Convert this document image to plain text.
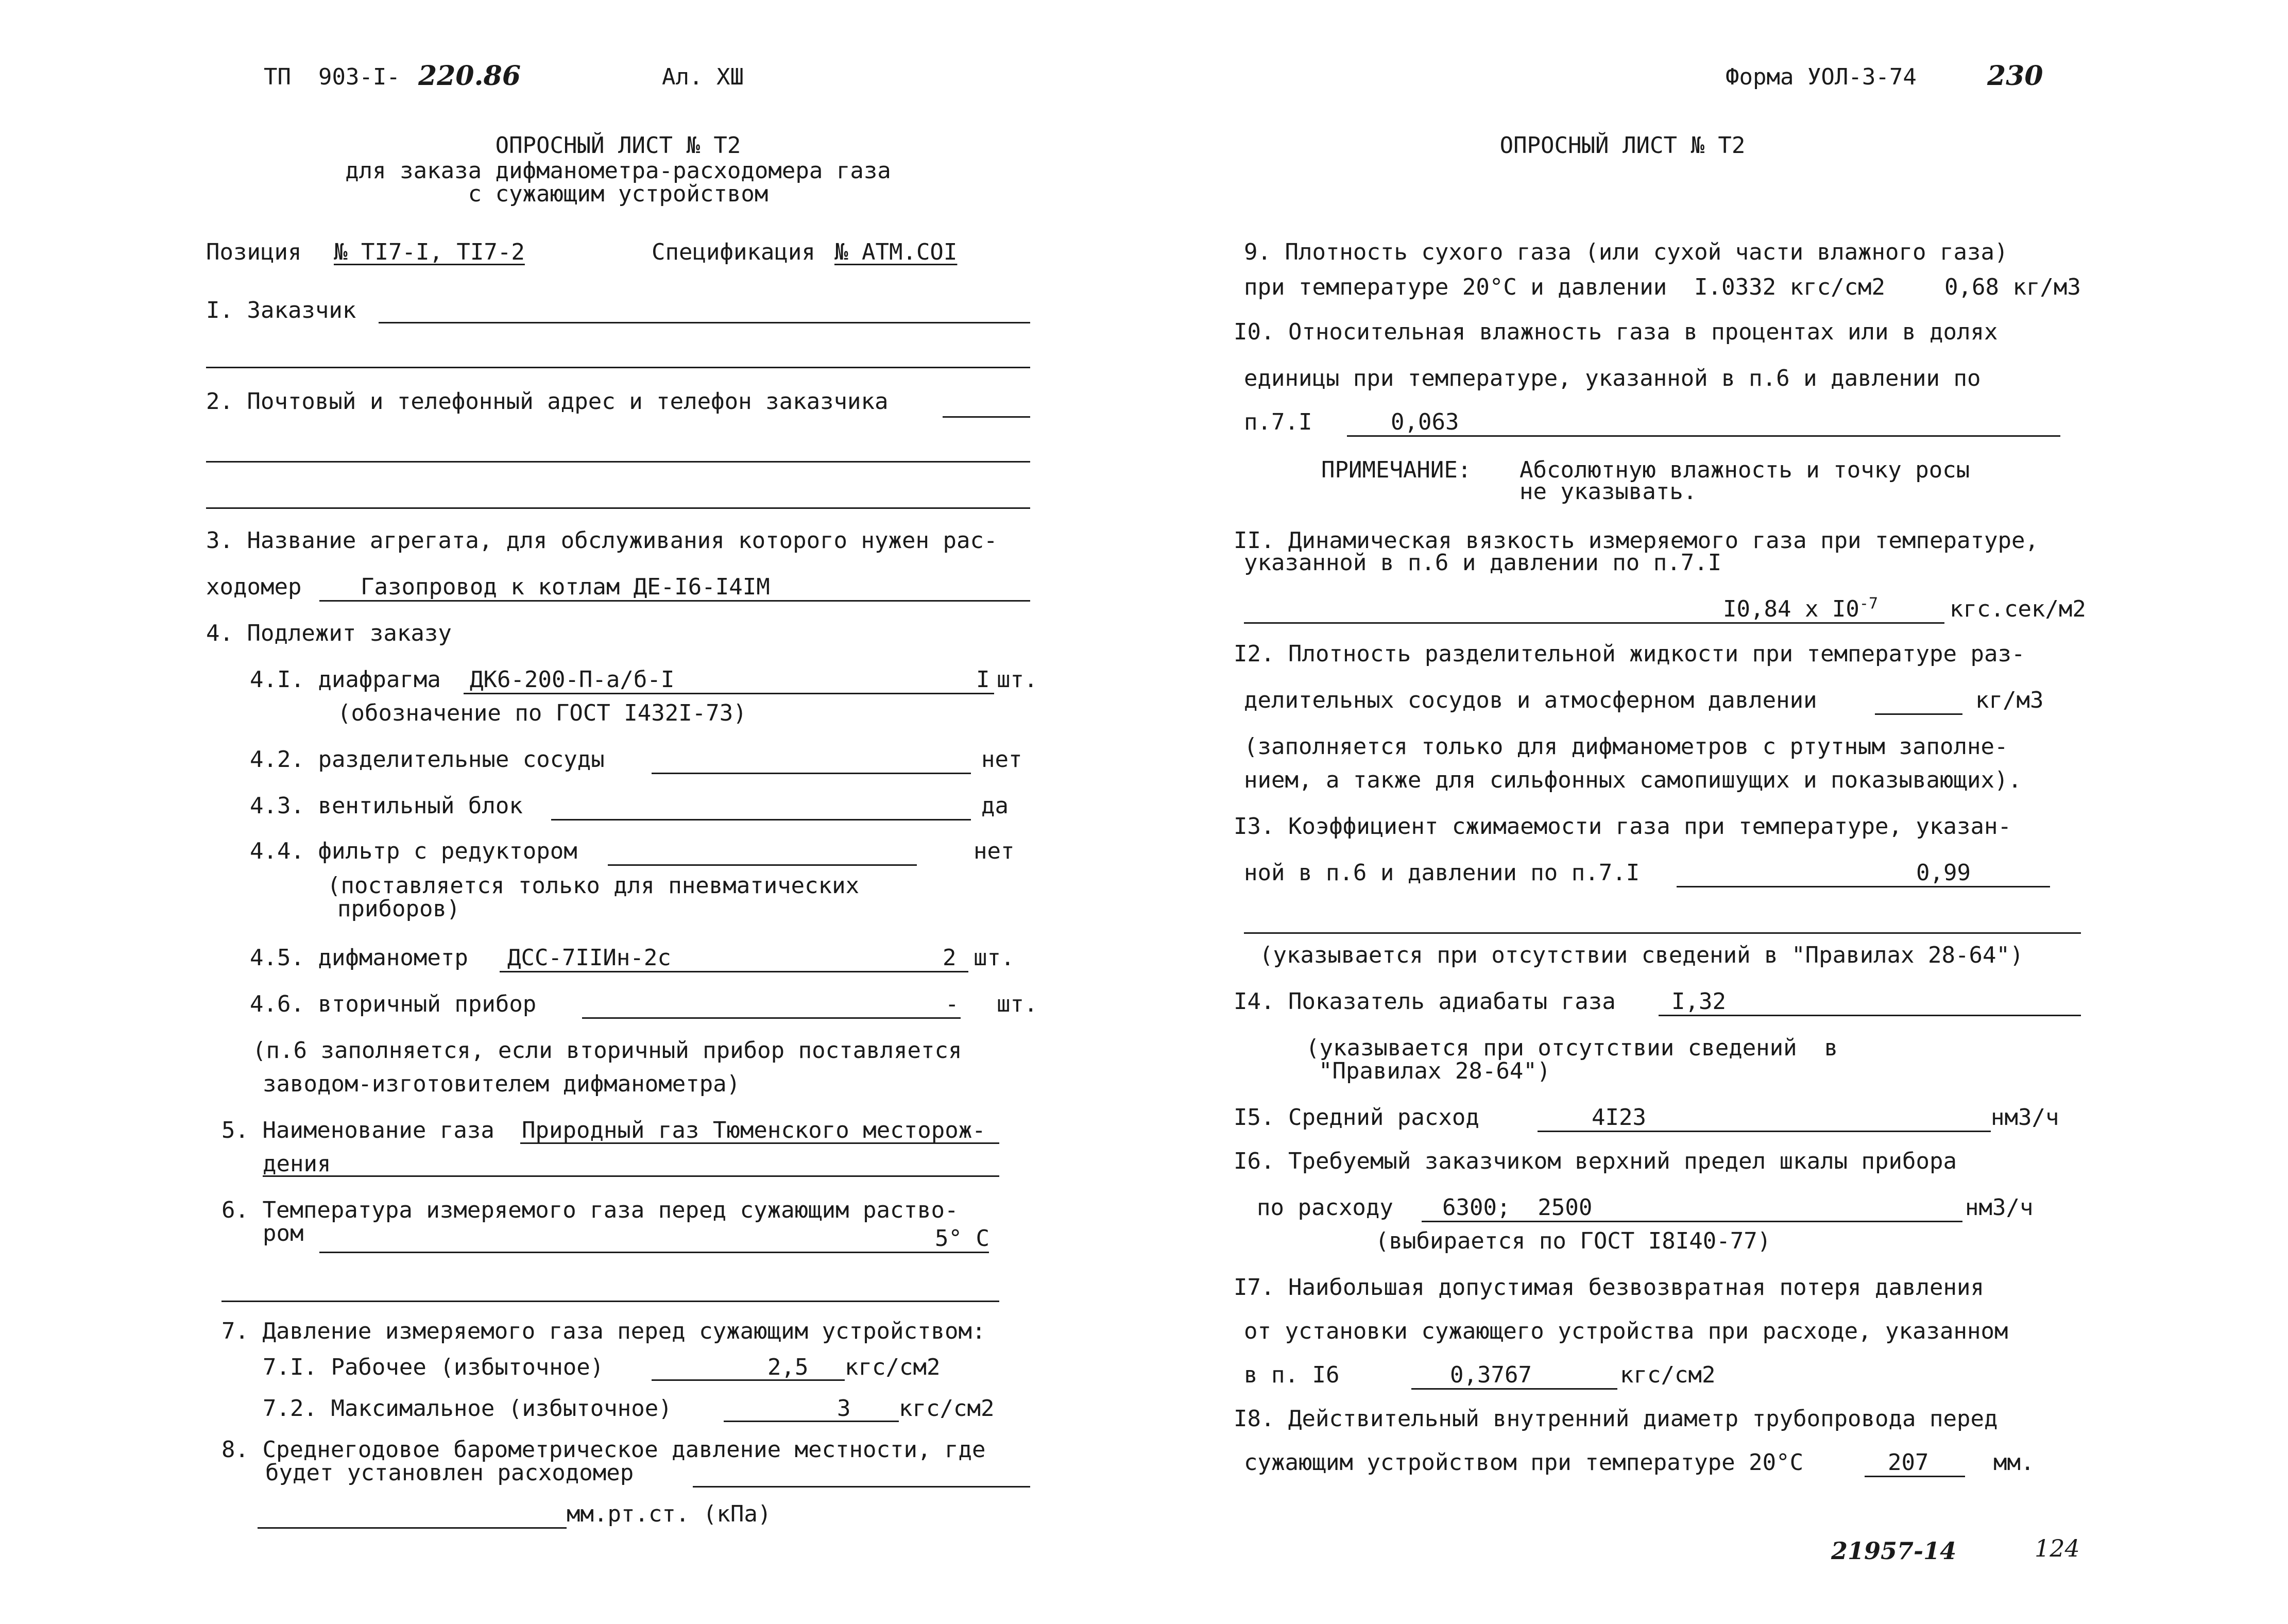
ТП  903-I- 220.86	Ал. ХШ	Форма УОЛ-3-74	230
ОПРОСНЫЙ ЛИСТ № Т2
для заказа дифманометра-расходомера газа
с сужающим устройством
Позиция № ТI7-I, ТI7-2	Спецификация № АТМ.СОI
I. Заказчик
2. Почтовый и телефонный адрес и телефон заказчика
3. Название агрегата, для обслуживания которого нужен рас-
ходомер	Газопровод к котлам ДЕ-I6-I4IМ
4. Подлежит заказу
4.I. диафрагма ДК6-200-П-а/б-I	I шт.
(обозначение по ГОСТ I432I-73)
4.2. разделительные сосуды	нет
4.3. вентильный блок	да
4.4. фильтр с редуктором	нет
(поставляется только для пневматических
приборов)
4.5. дифманометр ДСС-7IIИн-2с	2 шт.
4.6. вторичный прибор	- шт.
(п.6 заполняется, если вторичный прибор поставляется
заводом-изготовителем дифманометра)
5. Наименование газа Природный газ Тюменского месторож-
дения
6. Температура измеряемого газа перед сужающим раство-
ром	5° С
7. Давление измеряемого газа перед сужающим устройством:
7.I. Рабочее (избыточное)	2,5 кгс/см2
7.2. Максимальное (избыточное)	3 кгс/см2
8. Среднегодовое барометрическое давление местности, где
будет установлен расходомер
мм.рт.ст. (кПа)
ОПРОСНЫЙ ЛИСТ № Т2
9. Плотность сухого газа (или сухой части влажного газа)
при температуре 20°С и давлении  I.0332 кгс/см2	0,68 кг/м3
I0. Относительная влажность газа в процентах или в долях
единицы при температуре, указанной в п.6 и давлении по
п.7.I	0,063
ПРИМЕЧАНИЕ: Абсолютную влажность и точку росы
не указывать.
II. Динамическая вязкость измеряемого газа при температуре,
указанной в п.6 и давлении по п.7.I
I0,84 х $I0^{-7}$	кгс.сек/м2
I2. Плотность разделительной жидкости при температуре раз-
делительных сосудов и атмосферном давлении	кг/м3
(заполняется только для дифманометров с ртутным заполне-
нием, а также для сильфонных самопишущих и показывающих).
I3. Коэффициент сжимаемости газа при температуре, указан-
ной в п.6 и давлении по п.7.I	0,99
(указывается при отсутствии сведений в "Правилах 28-64")
I4. Показатель адиабаты газа I,32
(указывается при отсутствии сведений  в
"Правилах 28-64")
I5. Средний расход	4I23	нм3/ч
I6. Требуемый заказчиком верхний предел шкалы прибора
по расходу 6300;  2500	нм3/ч
(выбирается по ГОСТ I8I40-77)
I7. Наибольшая допустимая безвозвратная потеря давления
от установки сужающего устройства при расходе, указанном
в п. I6	0,3767	кгс/см2
I8. Действительный внутренний диаметр трубопровода перед
сужающим устройством при температуре 20°С	207	мм.
21957-14	124
